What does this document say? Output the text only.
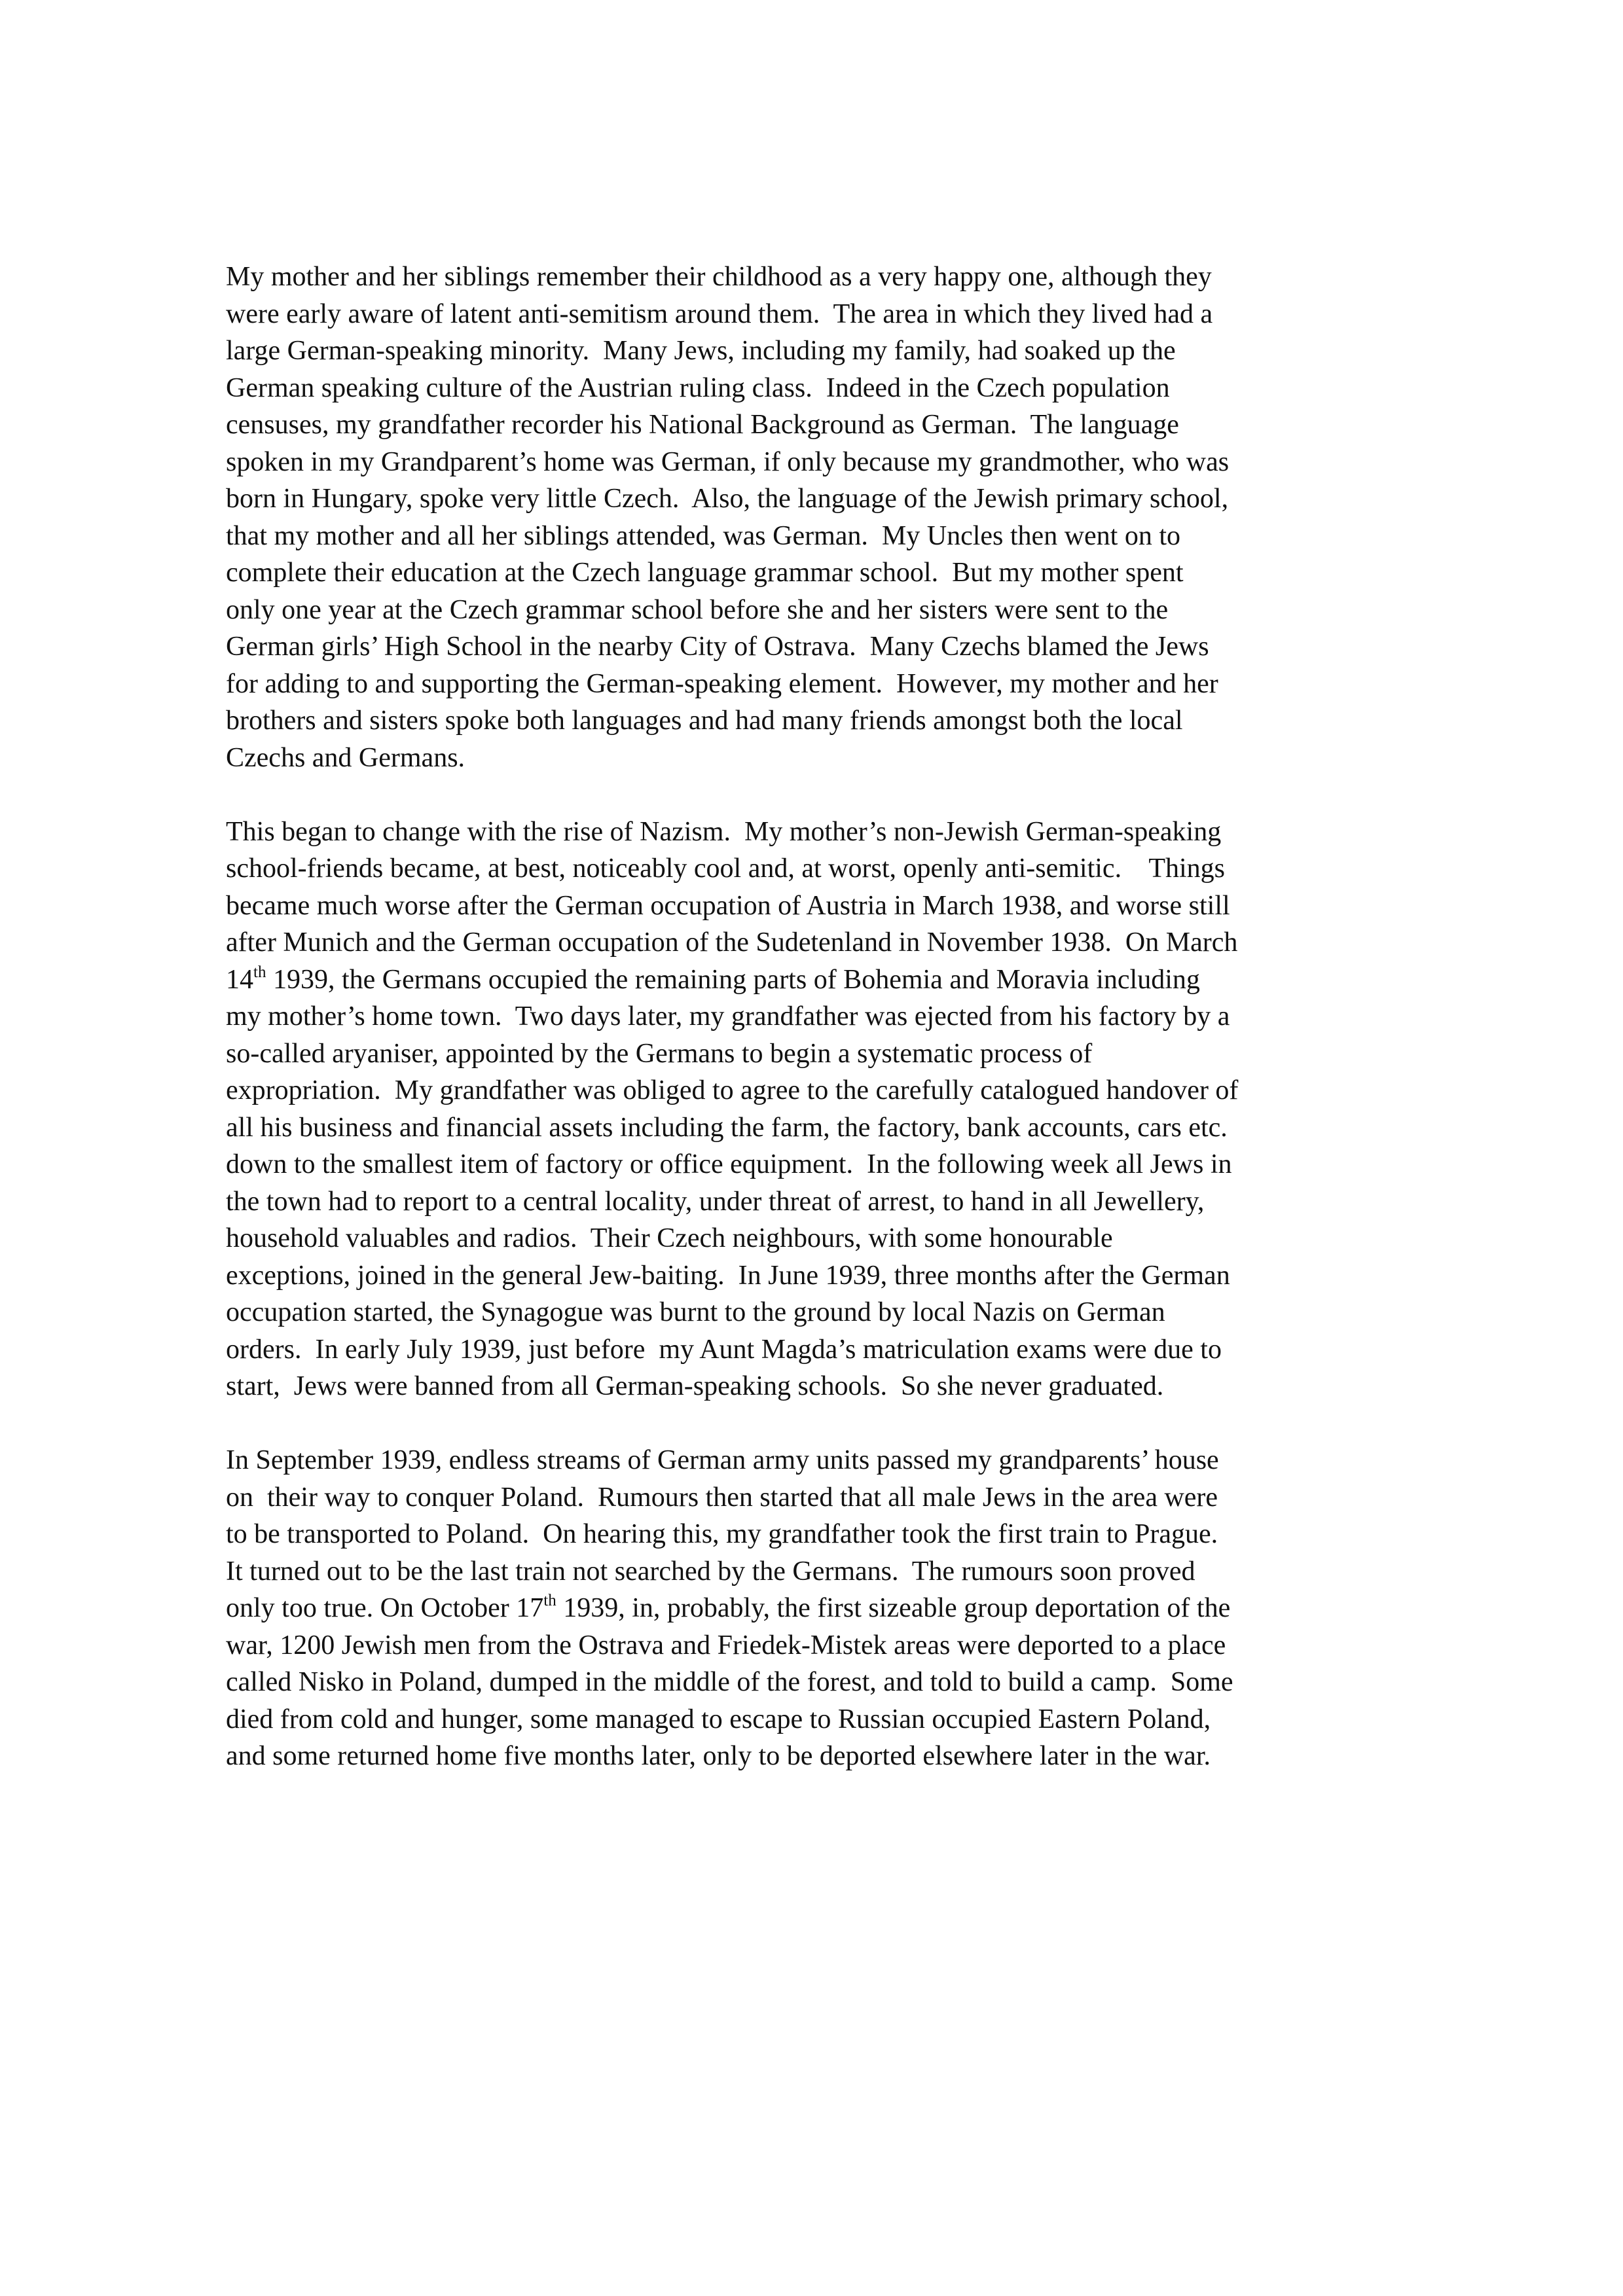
My mother and her siblings remember their childhood as a very happy one, although they
were early aware of latent anti-semitism around them.  The area in which they lived had a
large German-speaking minority.  Many Jews, including my family, had soaked up the
German speaking culture of the Austrian ruling class.  Indeed in the Czech population
censuses, my grandfather recorder his National Background as German.  The language
spoken in my Grandparent’s home was German, if only because my grandmother, who was
born in Hungary, spoke very little Czech.  Also, the language of the Jewish primary school,
that my mother and all her siblings attended, was German.  My Uncles then went on to
complete their education at the Czech language grammar school.  But my mother spent
only one year at the Czech grammar school before she and her sisters were sent to the
German girls’ High School in the nearby City of Ostrava.  Many Czechs blamed the Jews
for adding to and supporting the German-speaking element.  However, my mother and her
brothers and sisters spoke both languages and had many friends amongst both the local
Czechs and Germans.
This began to change with the rise of Nazism.  My mother’s non-Jewish German-speaking
school-friends became, at best, noticeably cool and, at worst, openly anti-semitic.    Things
became much worse after the German occupation of Austria in March 1938, and worse still
after Munich and the German occupation of the Sudetenland in November 1938.  On March
14th 1939, the Germans occupied the remaining parts of Bohemia and Moravia including
my mother’s home town.  Two days later, my grandfather was ejected from his factory by a
so-called aryaniser, appointed by the Germans to begin a systematic process of
expropriation.  My grandfather was obliged to agree to the carefully catalogued handover of
all his business and financial assets including the farm, the factory, bank accounts, cars etc.
down to the smallest item of factory or office equipment.  In the following week all Jews in
the town had to report to a central locality, under threat of arrest, to hand in all Jewellery,
household valuables and radios.  Their Czech neighbours, with some honourable
exceptions, joined in the general Jew-baiting.  In June 1939, three months after the German
occupation started, the Synagogue was burnt to the ground by local Nazis on German
orders.  In early July 1939, just before  my Aunt Magda’s matriculation exams were due to
start,  Jews were banned from all German-speaking schools.  So she never graduated.
In September 1939, endless streams of German army units passed my grandparents’ house
on  their way to conquer Poland.  Rumours then started that all male Jews in the area were
to be transported to Poland.  On hearing this, my grandfather took the first train to Prague.
It turned out to be the last train not searched by the Germans.  The rumours soon proved
only too true. On October 17th 1939, in, probably, the first sizeable group deportation of the
war, 1200 Jewish men from the Ostrava and Friedek-Mistek areas were deported to a place
called Nisko in Poland, dumped in the middle of the forest, and told to build a camp.  Some
died from cold and hunger, some managed to escape to Russian occupied Eastern Poland,
and some returned home five months later, only to be deported elsewhere later in the war.
